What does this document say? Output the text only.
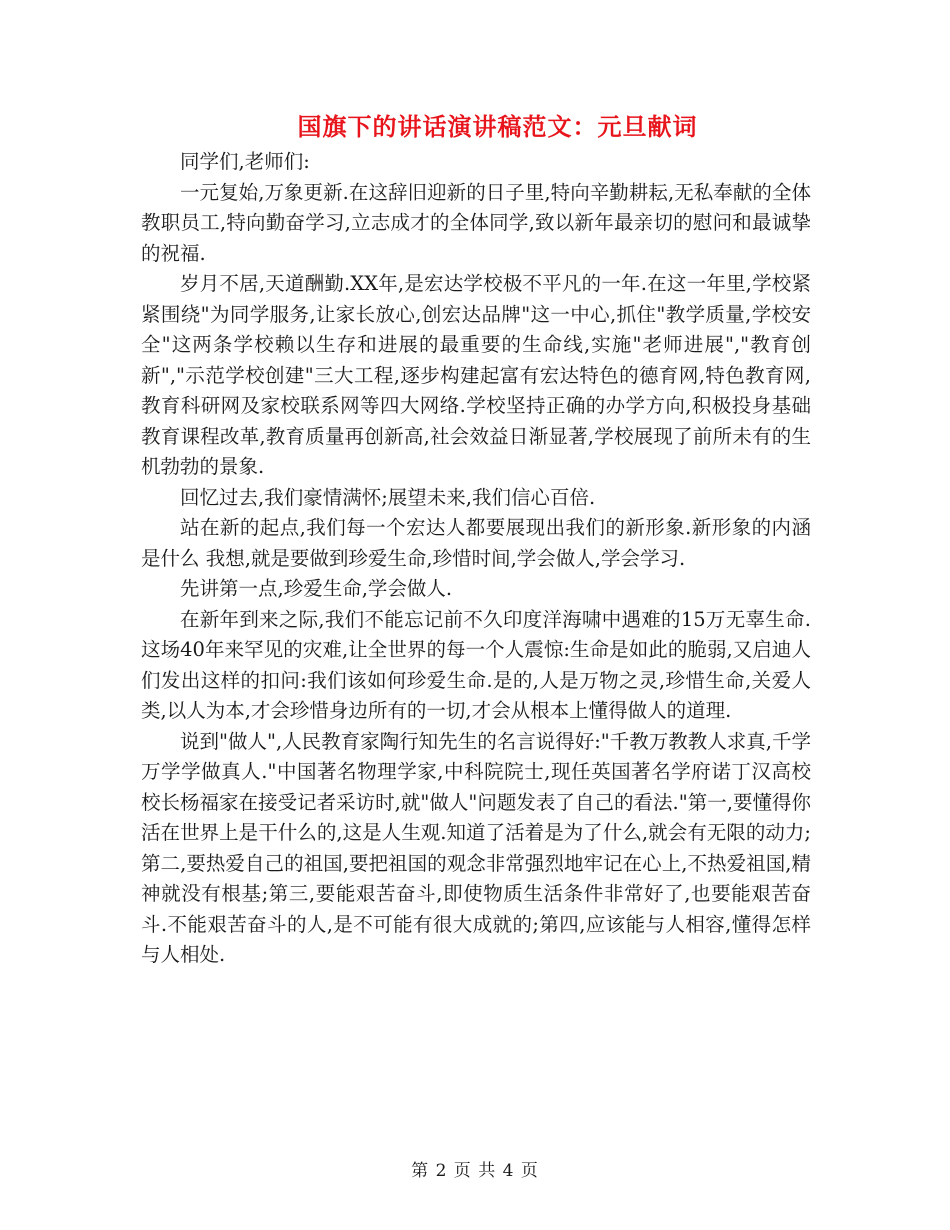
国旗下的讲话演讲稿范文：元旦献词

同学们,老师们:

一元复始,万象更新.在这辞旧迎新的日子里,特向辛勤耕耘,无私奉献的全体教职员工,特向勤奋学习,立志成才的全体同学,致以新年最亲切的慰问和最诚挚的祝福.

岁月不居,天道酬勤.XX年,是宏达学校极不平凡的一年.在这一年里,学校紧紧围绕"为同学服务,让家长放心,创宏达品牌"这一中心,抓住"教学质量,学校安全"这两条学校赖以生存和进展的最重要的生命线,实施"老师进展","教育创新","示范学校创建"三大工程,逐步构建起富有宏达特色的德育网,特色教育网,教育科研网及家校联系网等四大网络.学校坚持正确的办学方向,积极投身基础教育课程改革,教育质量再创新高,社会效益日渐显著,学校展现了前所未有的生机勃勃的景象.

回忆过去,我们豪情满怀;展望未来,我们信心百倍.

站在新的起点,我们每一个宏达人都要展现出我们的新形象.新形象的内涵是什么 我想,就是要做到珍爱生命,珍惜时间,学会做人,学会学习.

先讲第一点,珍爱生命,学会做人.

在新年到来之际,我们不能忘记前不久印度洋海啸中遇难的15万无辜生命.这场40年来罕见的灾难,让全世界的每一个人震惊:生命是如此的脆弱,又启迪人们发出这样的扣问:我们该如何珍爱生命.是的,人是万物之灵,珍惜生命,关爱人类,以人为本,才会珍惜身边所有的一切,才会从根本上懂得做人的道理.

说到"做人",人民教育家陶行知先生的名言说得好:"千教万教教人求真,千学万学学做真人."中国著名物理学家,中科院院士,现任英国著名学府诺丁汉高校校长杨福家在接受记者采访时,就"做人"问题发表了自己的看法."第一,要懂得你活在世界上是干什么的,这是人生观.知道了活着是为了什么,就会有无限的动力;第二,要热爱自己的祖国,要把祖国的观念非常强烈地牢记在心上,不热爱祖国,精神就没有根基;第三,要能艰苦奋斗,即使物质生活条件非常好了,也要能艰苦奋斗.不能艰苦奋斗的人,是不可能有很大成就的;第四,应该能与人相容,懂得怎样与人相处.

第 2 页 共 4 页
